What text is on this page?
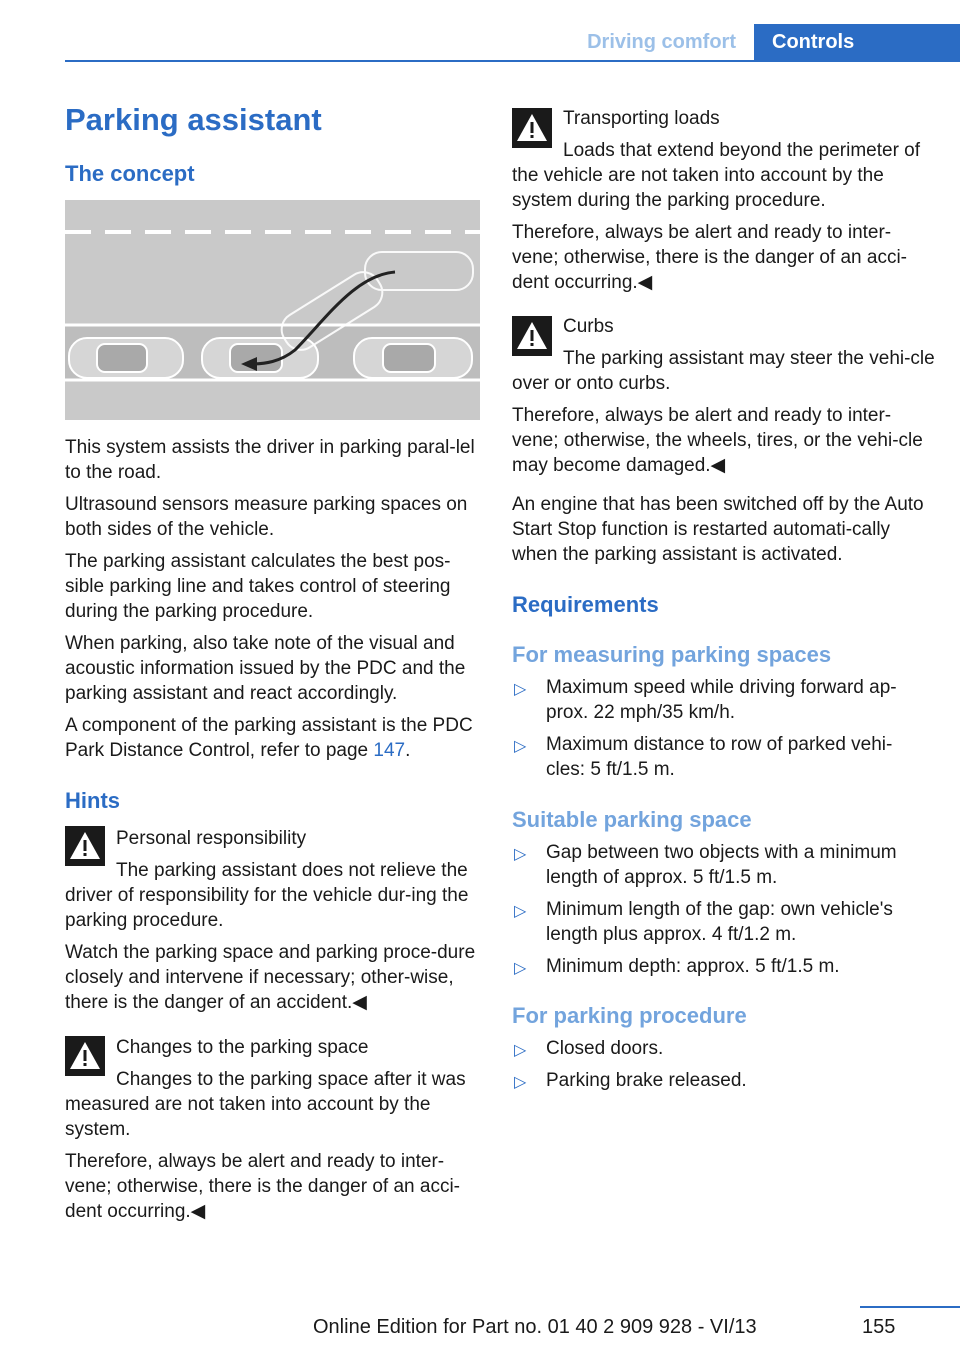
Driving comfort	Controls
Parking assistant
The concept

This system assists the driver in parking paral-lel to the road.

Ultrasound sensors measure parking spaces on both sides of the vehicle.

The parking assistant calculates the best pos-sible parking line and takes control of steering during the parking procedure.

When parking, also take note of the visual and acoustic information issued by the PDC and the parking assistant and react accordingly.

A component of the parking assistant is the PDC Park Distance Control, refer to page 147.

Hints

Personal responsibility

The parking assistant does not relieve the driver of responsibility for the vehicle dur-ing the parking procedure.

Watch the parking space and parking proce-dure closely and intervene if necessary; other-wise, there is the danger of an accident.◀

Changes to the parking space

Changes to the parking space after it was measured are not taken into account by the system.

Therefore, always be alert and ready to inter-vene; otherwise, there is the danger of an acci-dent occurring.◀

Transporting loads

Loads that extend beyond the perimeter of the vehicle are not taken into account by the system during the parking procedure.

Therefore, always be alert and ready to inter-vene; otherwise, there is the danger of an acci-dent occurring.◀

Curbs

The parking assistant may steer the vehi-cle over or onto curbs.

Therefore, always be alert and ready to inter-vene; otherwise, the wheels, tires, or the vehi-cle may become damaged.◀

An engine that has been switched off by the Auto Start Stop function is restarted automati-cally when the parking assistant is activated.

Requirements
For measuring parking spaces
▷ Maximum speed while driving forward ap-prox. 22 mph/35 km/h.

▷ Maximum distance to row of parked vehi-cles: 5 ft/1.5 m.

Suitable parking space
▷ Gap between two objects with a minimum length of approx. 5 ft/1.5 m.

▷ Minimum length of the gap: own vehicle's length plus approx. 4 ft/1.2 m.

▷ Minimum depth: approx. 5 ft/1.5 m.

For parking procedure
▷ Closed doors.

▷ Parking brake released.

155
Online Edition for Part no. 01 40 2 909 928 - VI/13
